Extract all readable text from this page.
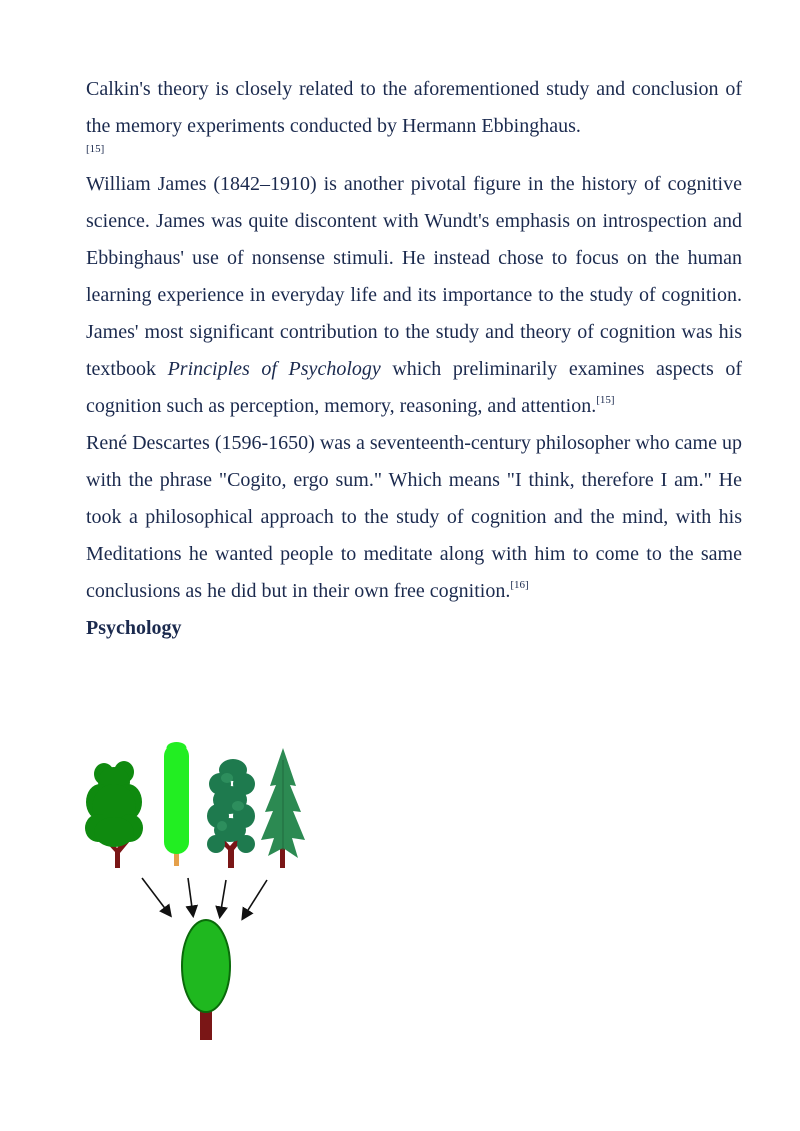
Calkin's theory is closely related to the aforementioned study and conclusion of the memory experiments conducted by Hermann Ebbinghaus.
[15]

William James (1842–1910) is another pivotal figure in the history of cognitive science. James was quite discontent with Wundt's emphasis on introspection and Ebbinghaus' use of nonsense stimuli. He instead chose to focus on the human learning experience in everyday life and its importance to the study of cognition. James' most significant contribution to the study and theory of cognition was his textbook Principles of Psychology which preliminarily examines aspects of cognition such as perception, memory, reasoning, and attention.[15]

René Descartes (1596-1650) was a seventeenth-century philosopher who came up with the phrase "Cogito, ergo sum." Which means "I think, therefore I am." He took a philosophical approach to the study of cognition and the mind, with his Meditations he wanted people to meditate along with him to come to the same conclusions as he did but in their own free cognition.[16]

Psychology
